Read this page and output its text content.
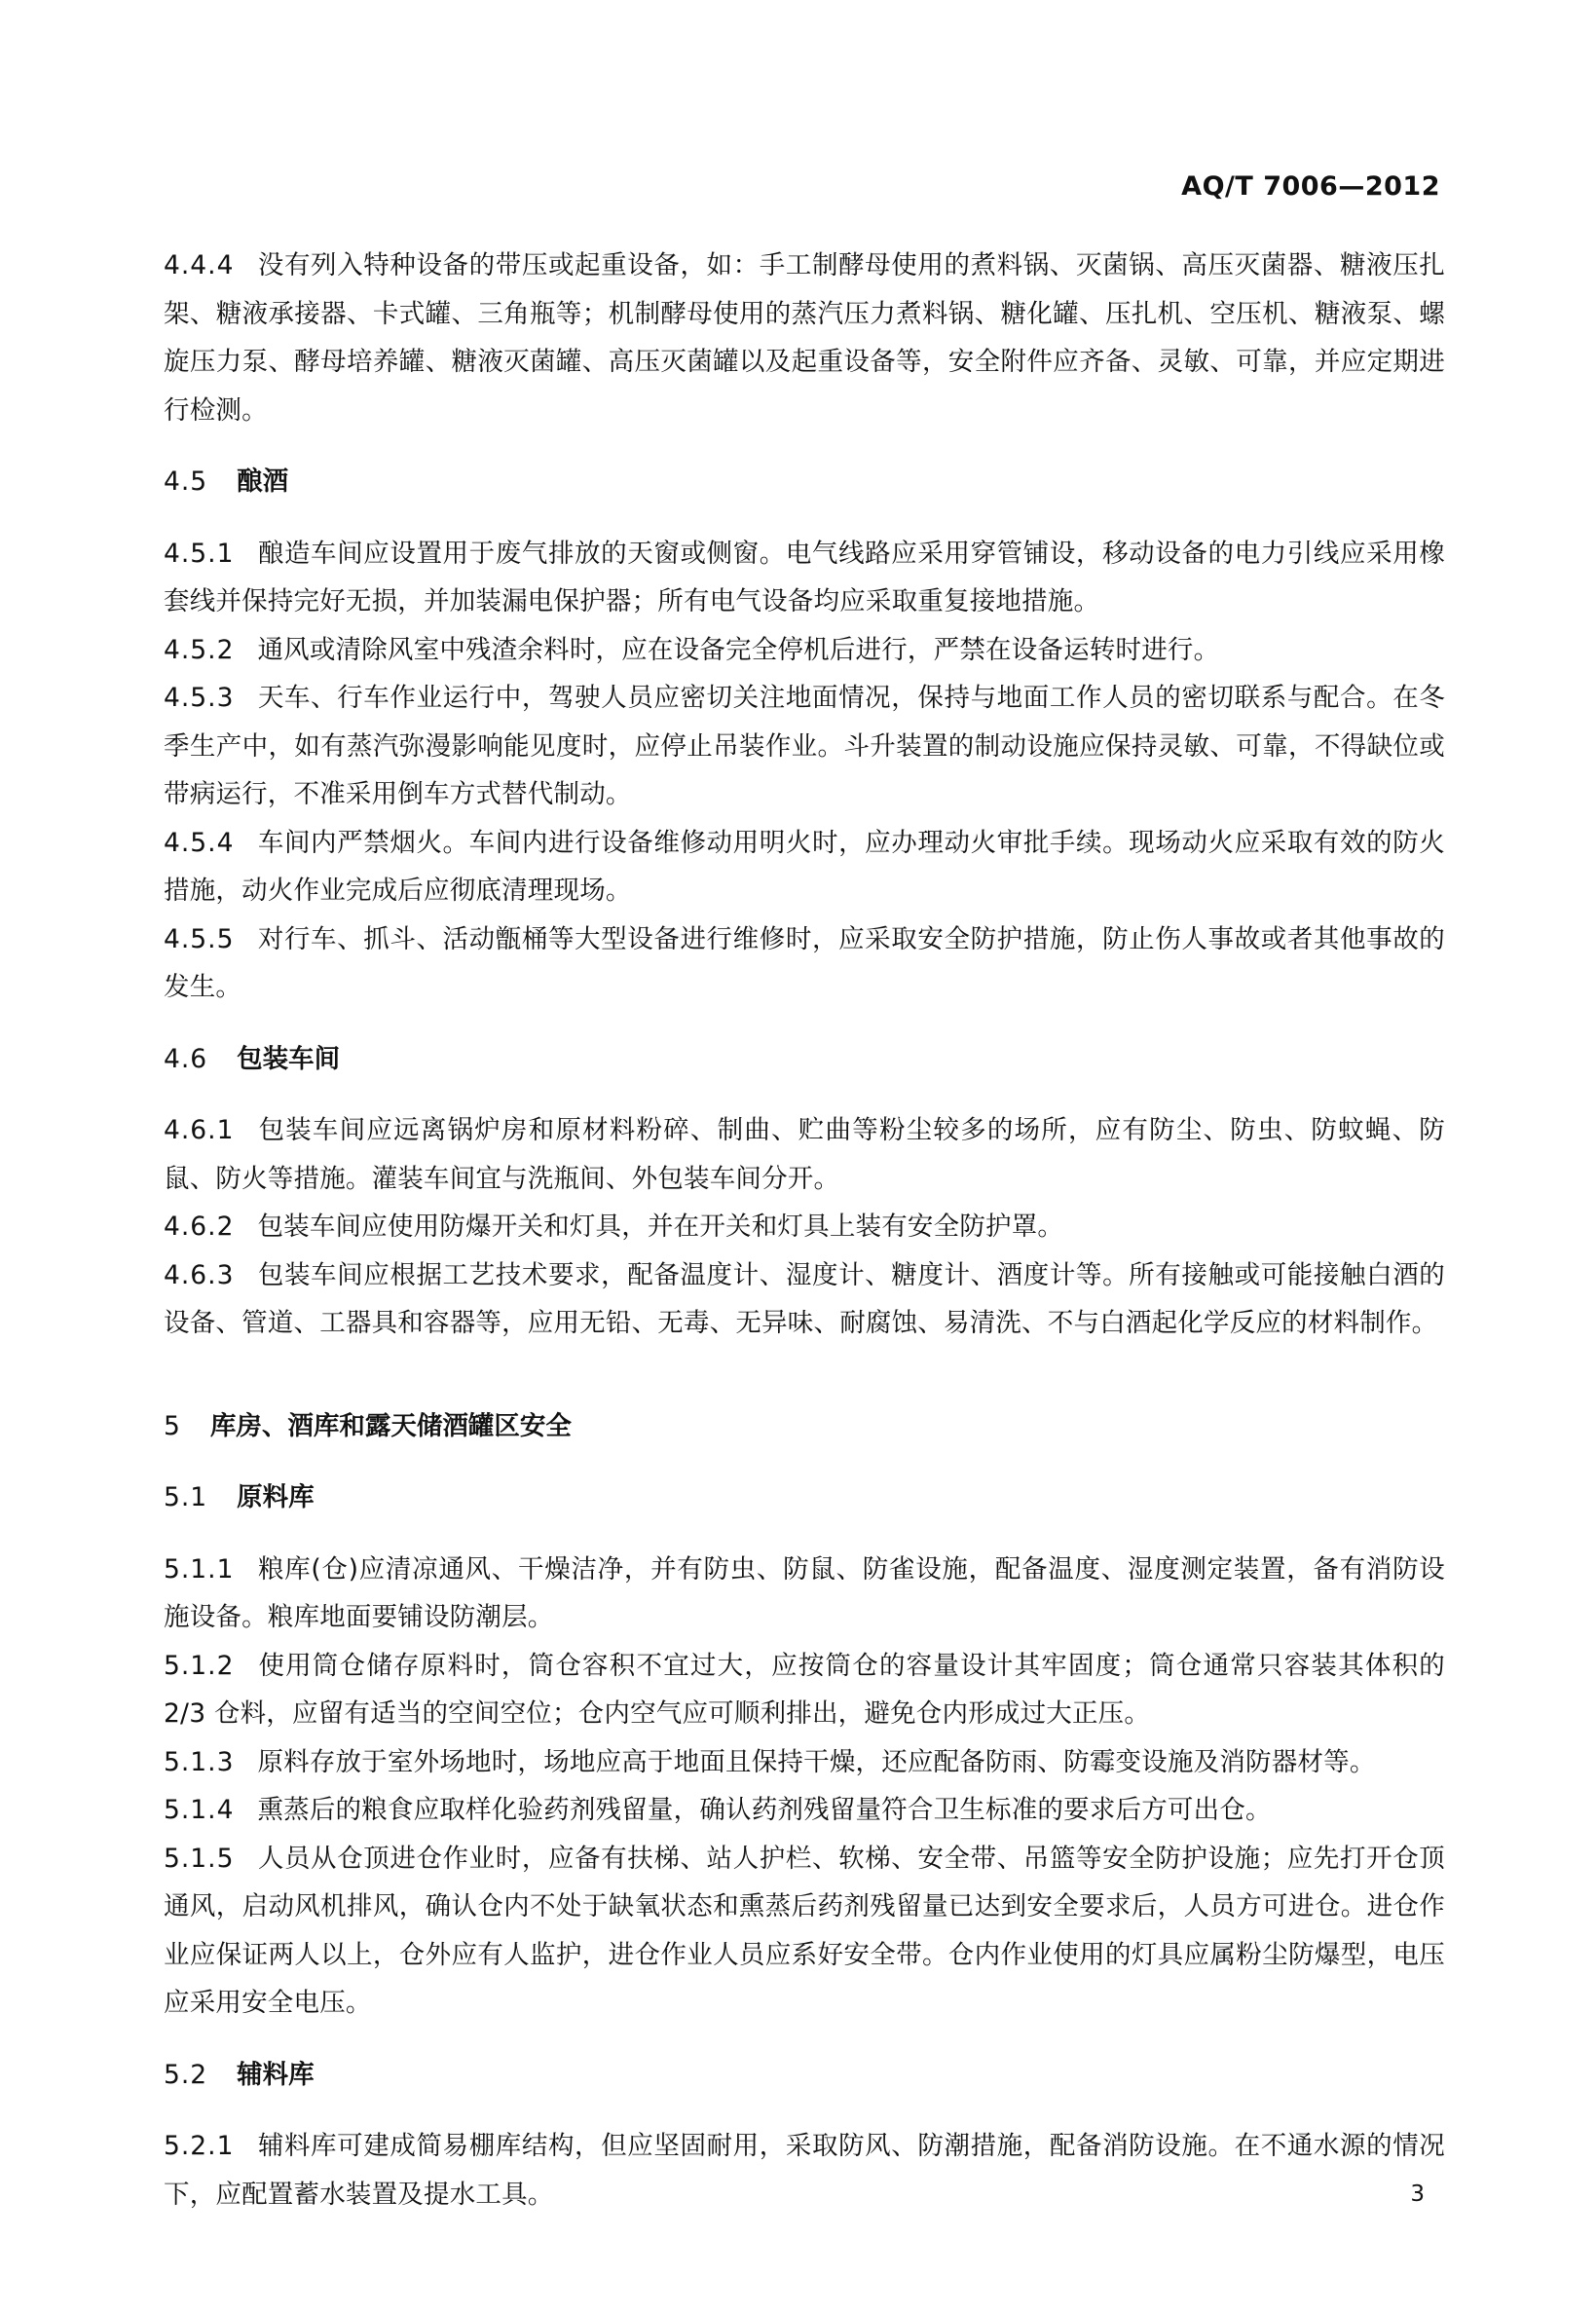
AQ/T 7006—2012

4.4.4 没有列入特种设备的带压或起重设备，如：手工制酵母使用的煮料锅、灭菌锅、高压灭菌器、糖液压扎架、糖液承接器、卡式罐、三角瓶等；机制酵母使用的蒸汽压力煮料锅、糖化罐、压扎机、空压机、糖液泵、螺旋压力泵、酵母培养罐、糖液灭菌罐、高压灭菌罐以及起重设备等，安全附件应齐备、灵敏、可靠，并应定期进行检测。

4.5 酿酒

4.5.1 酿造车间应设置用于废气排放的天窗或侧窗。电气线路应采用穿管铺设，移动设备的电力引线应采用橡套线并保持完好无损，并加装漏电保护器；所有电气设备均应采取重复接地措施。

4.5.2 通风或清除风室中残渣余料时，应在设备完全停机后进行，严禁在设备运转时进行。

4.5.3 天车、行车作业运行中，驾驶人员应密切关注地面情况，保持与地面工作人员的密切联系与配合。在冬季生产中，如有蒸汽弥漫影响能见度时，应停止吊装作业。斗升装置的制动设施应保持灵敏、可靠，不得缺位或带病运行，不准采用倒车方式替代制动。

4.5.4 车间内严禁烟火。车间内进行设备维修动用明火时，应办理动火审批手续。现场动火应采取有效的防火措施，动火作业完成后应彻底清理现场。

4.5.5 对行车、抓斗、活动甑桶等大型设备进行维修时，应采取安全防护措施，防止伤人事故或者其他事故的发生。

4.6 包装车间

4.6.1 包装车间应远离锅炉房和原材料粉碎、制曲、贮曲等粉尘较多的场所，应有防尘、防虫、防蚊蝇、防鼠、防火等措施。灌装车间宜与洗瓶间、外包装车间分开。

4.6.2 包装车间应使用防爆开关和灯具，并在开关和灯具上装有安全防护罩。

4.6.3 包装车间应根据工艺技术要求，配备温度计、湿度计、糖度计、酒度计等。所有接触或可能接触白酒的设备、管道、工器具和容器等，应用无铅、无毒、无异味、耐腐蚀、易清洗、不与白酒起化学反应的材料制作。

5 库房、酒库和露天储酒罐区安全
5.1 原料库

5.1.1 粮库(仓)应清凉通风、干燥洁净，并有防虫、防鼠、防雀设施，配备温度、湿度测定装置，备有消防设施设备。粮库地面要铺设防潮层。

5.1.2 使用筒仓储存原料时，筒仓容积不宜过大，应按筒仓的容量设计其牢固度；筒仓通常只容装其体积的 2/3 仓料，应留有适当的空间空位；仓内空气应可顺利排出，避免仓内形成过大正压。

5.1.3 原料存放于室外场地时，场地应高于地面且保持干燥，还应配备防雨、防霉变设施及消防器材等。

5.1.4 熏蒸后的粮食应取样化验药剂残留量，确认药剂残留量符合卫生标准的要求后方可出仓。

5.1.5 人员从仓顶进仓作业时，应备有扶梯、站人护栏、软梯、安全带、吊篮等安全防护设施；应先打开仓顶通风，启动风机排风，确认仓内不处于缺氧状态和熏蒸后药剂残留量已达到安全要求后，人员方可进仓。进仓作业应保证两人以上，仓外应有人监护，进仓作业人员应系好安全带。仓内作业使用的灯具应属粉尘防爆型，电压应采用安全电压。

5.2 辅料库

5.2.1 辅料库可建成简易棚库结构，但应坚固耐用，采取防风、防潮措施，配备消防设施。在不通水源的情况下，应配置蓄水装置及提水工具。	3
